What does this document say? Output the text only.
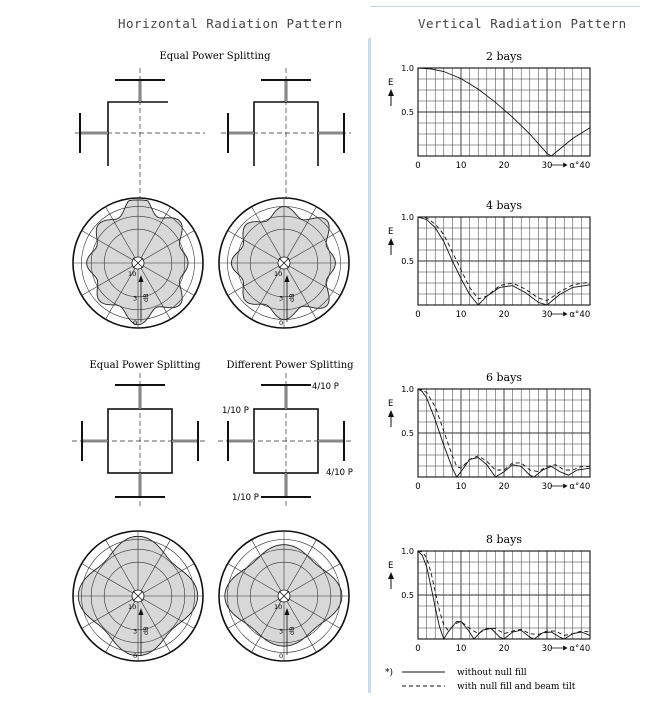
Horizontal Radiation Pattern	Vertical Radiation Pattern
Equal Power Splitting
Equal Power Splitting	Different Power Splitting
4/10 P
1/10 P
4/10 P
1/10 P
10
3
0
dB
10
3
0
dB
10
3
0
dB
10
3
0
dB
2 bays
1.0
0.5
E
0	10	20	30 α° 40
4 bays
1.0
0.5
E
0	10	20	30 α° 40
6 bays
1.0
0.5
E
0	10	20	30 α° 40
8 bays
1.0
0.5
E
0	10	20	30 α° 40
*)	without null fill
with null fill and beam tilt
